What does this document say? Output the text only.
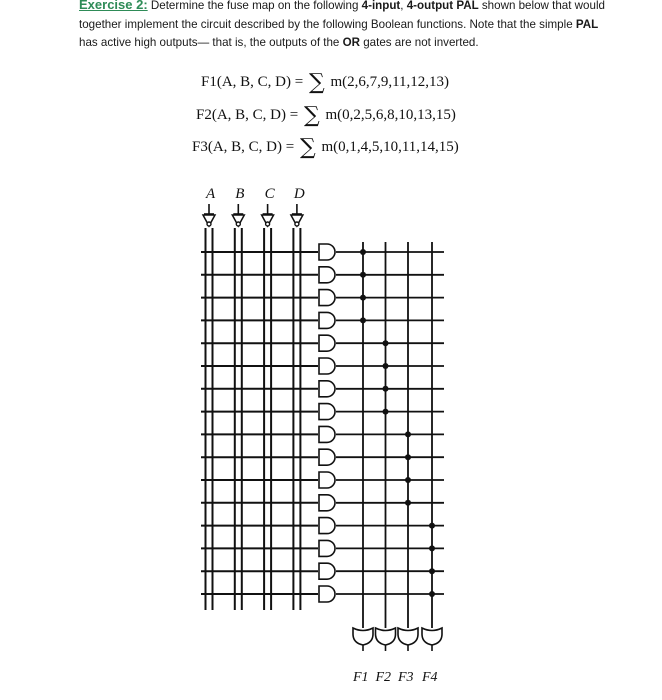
Exercise 2: Determine the fuse map on the following 4-input, 4-output PAL shown below that would together implement the circuit described by the following Boolean functions. Note that the simple PAL has active high outputs— that is, the outputs of the OR gates are not inverted.
F1(A, B, C, D) = ∑ m(2,6,7,9,11,12,13)
F2(A, B, C, D) = ∑ m(0,2,5,6,8,10,13,15)
F3(A, B, C, D) = ∑ m(0,1,4,5,10,11,14,15)
A B C D
F1 F2 F3 F4
